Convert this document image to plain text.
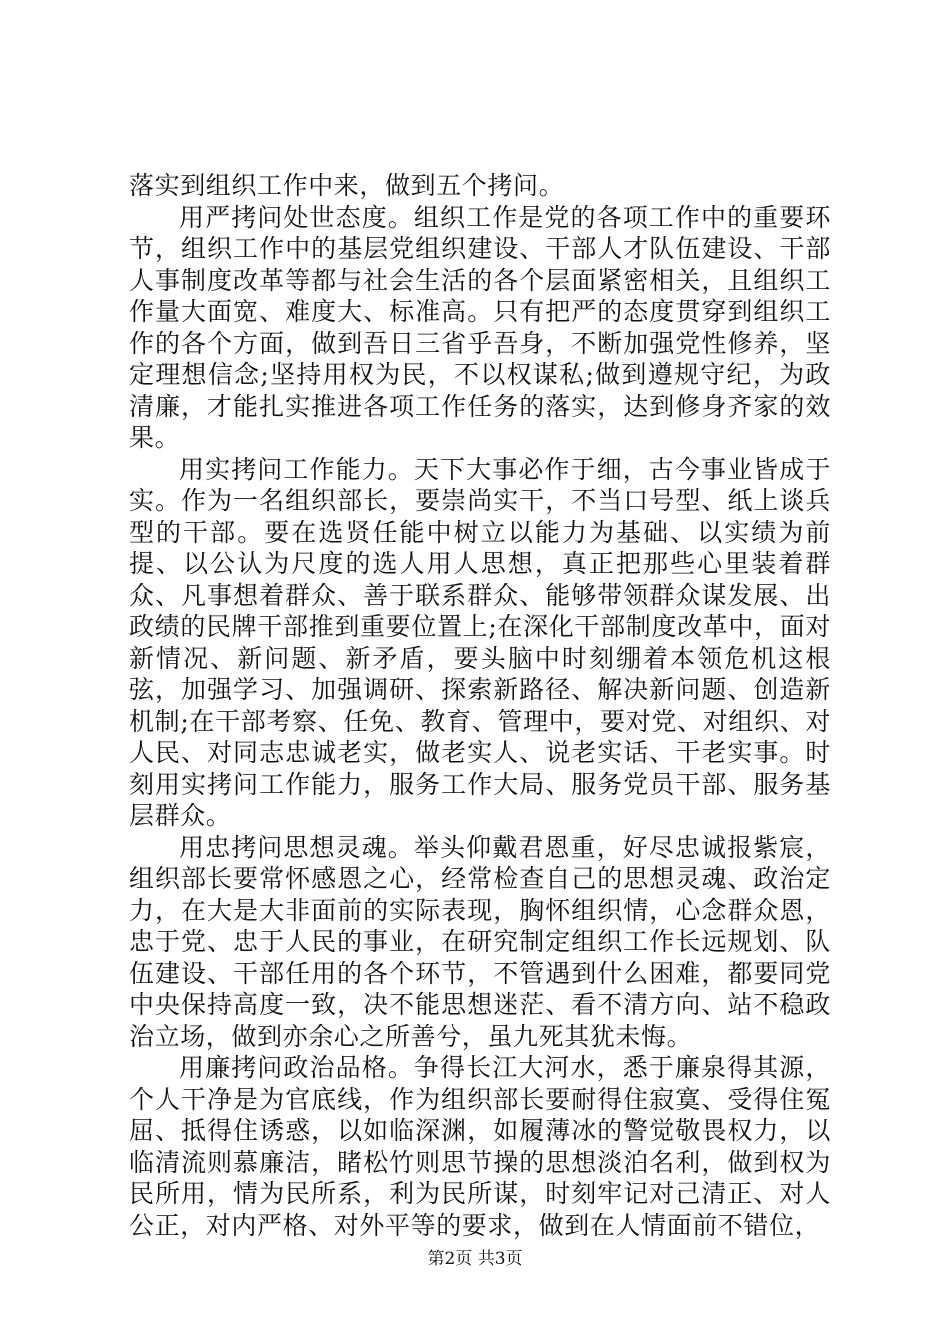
落实到组织工作中来，做到五个拷问。

用严拷问处世态度。组织工作是党的各项工作中的重要环节，组织工作中的基层党组织建设、干部人才队伍建设、干部人事制度改革等都与社会生活的各个层面紧密相关，且组织工作量大面宽、难度大、标准高。只有把严的态度贯穿到组织工作的各个方面，做到吾日三省乎吾身，不断加强党性修养，坚定理想信念;坚持用权为民，不以权谋私;做到遵规守纪，为政清廉，才能扎实推进各项工作任务的落实，达到修身齐家的效果。

用实拷问工作能力。天下大事必作于细，古今事业皆成于实。作为一名组织部长，要崇尚实干，不当口号型、纸上谈兵型的干部。要在选贤任能中树立以能力为基础、以实绩为前提、以公认为尺度的选人用人思想，真正把那些心里装着群众、凡事想着群众、善于联系群众、能够带领群众谋发展、出政绩的民牌干部推到重要位置上;在深化干部制度改革中，面对新情况、新问题、新矛盾，要头脑中时刻绷着本领危机这根弦，加强学习、加强调研、探索新路径、解决新问题、创造新机制;在干部考察、任免、教育、管理中，要对党、对组织、对人民、对同志忠诚老实，做老实人、说老实话、干老实事。时刻用实拷问工作能力，服务工作大局、服务党员干部、服务基层群众。

用忠拷问思想灵魂。举头仰戴君恩重，好尽忠诚报紫宸，组织部长要常怀感恩之心，经常检查自己的思想灵魂、政治定力，在大是大非面前的实际表现，胸怀组织情，心念群众恩，忠于党、忠于人民的事业，在研究制定组织工作长远规划、队伍建设、干部任用的各个环节，不管遇到什么困难，都要同党中央保持高度一致，决不能思想迷茫、看不清方向、站不稳政治立场，做到亦余心之所善兮，虽九死其犹未悔。

用廉拷问政治品格。争得长江大河水，悉于廉泉得其源，个人干净是为官底线，作为组织部长要耐得住寂寞、受得住冤屈、抵得住诱惑，以如临深渊，如履薄冰的警觉敬畏权力，以临清流则慕廉洁，睹松竹则思节操的思想淡泊名利，做到权为民所用，情为民所系，利为民所谋，时刻牢记对己清正、对人公正，对内严格、对外平等的要求，做到在人情面前不错位，

第2页 共3页
